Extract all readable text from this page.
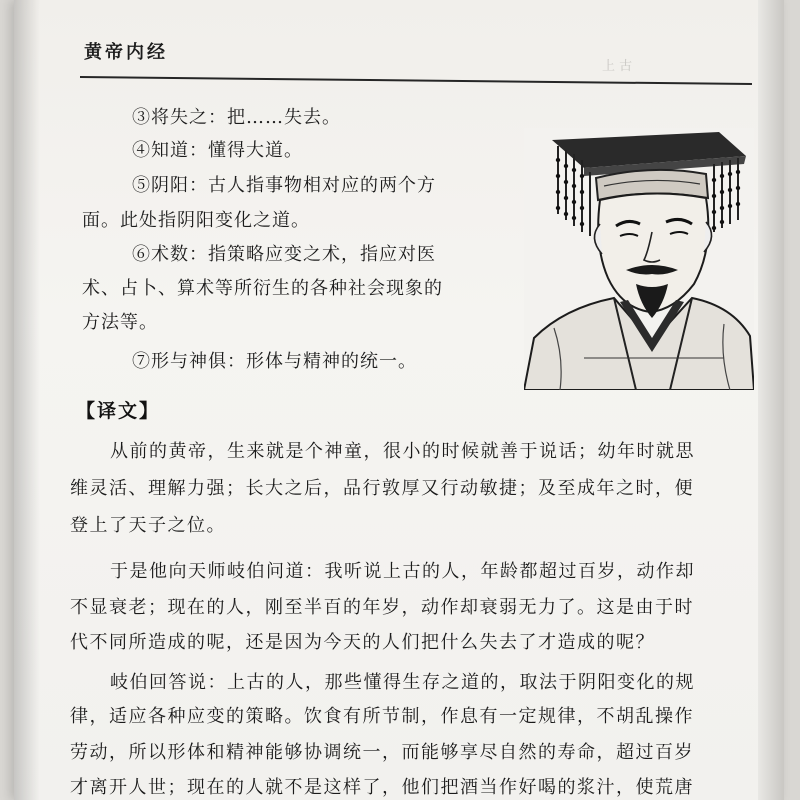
黄帝内经
上 古
③将失之：把……失去。
④知道：懂得大道。
⑤阴阳：古人指事物相对应的两个方
面。此处指阴阳变化之道。
⑥术数：指策略应变之术，指应对医
术、占卜、算术等所衍生的各种社会现象的
方法等。
⑦形与神俱：形体与精神的统一。
【译文】
从前的黄帝，生来就是个神童，很小的时候就善于说话；幼年时就思
维灵活、理解力强；长大之后，品行敦厚又行动敏捷；及至成年之时，便
登上了天子之位。
于是他向天师岐伯问道：我听说上古的人，年龄都超过百岁，动作却
不显衰老；现在的人，刚至半百的年岁，动作却衰弱无力了。这是由于时
代不同所造成的呢，还是因为今天的人们把什么失去了才造成的呢？
岐伯回答说：上古的人，那些懂得生存之道的，取法于阴阳变化的规
律，适应各种应变的策略。饮食有所节制，作息有一定规律，不胡乱操作
劳动，所以形体和精神能够协调统一，而能够享尽自然的寿命，超过百岁
才离开人世；现在的人就不是这样了，他们把酒当作好喝的浆汁，使荒唐
